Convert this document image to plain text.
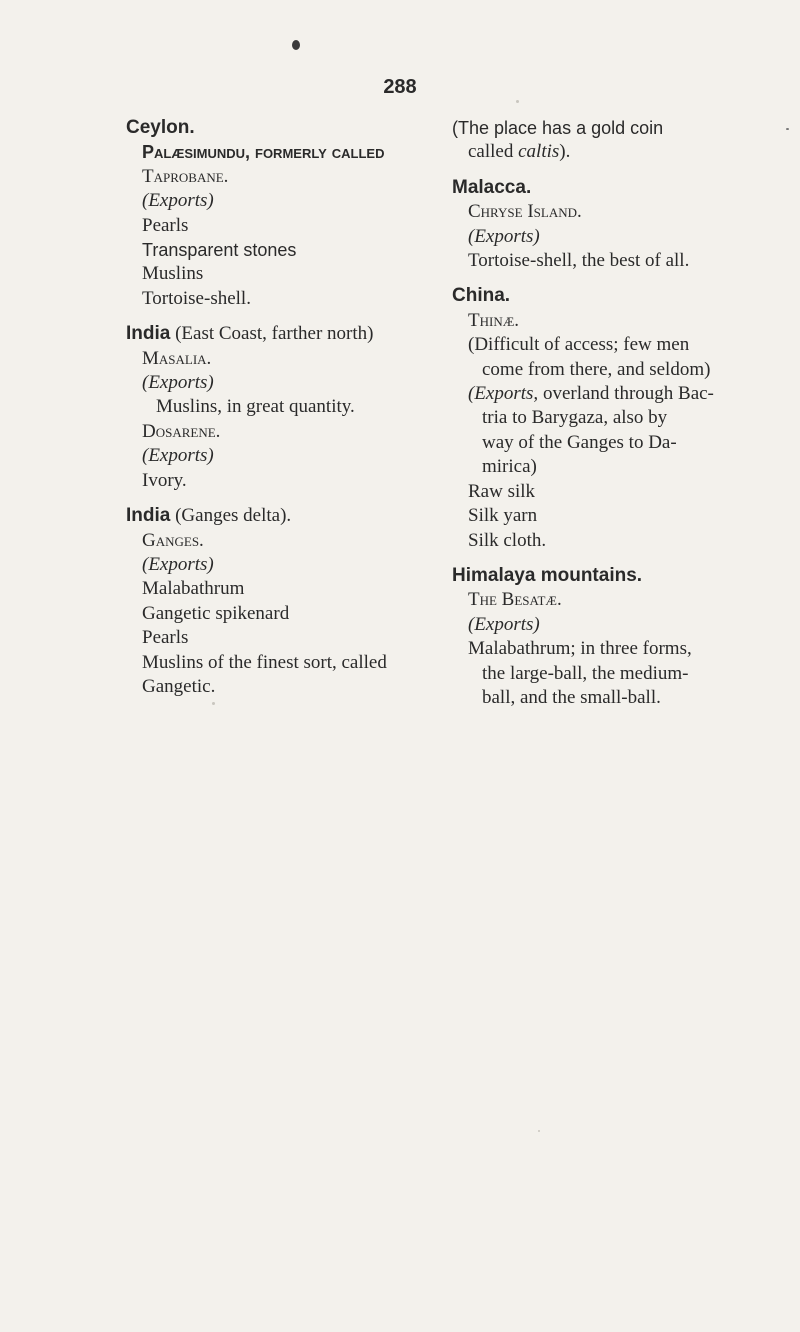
288
Ceylon.
Palæsimundu, formerly called
Taprobane.
(Exports)
Pearls
Transparent stones
Muslins
Tortoise-shell.
India (East Coast, farther north)
Masalia.
(Exports)
Muslins, in great quantity.
Dosarene.
(Exports)
Ivory.
India (Ganges delta).
Ganges.
(Exports)
Malabathrum
Gangetic spikenard
Pearls
Muslins of the finest sort, called
Gangetic.
(The place has a gold coin
called caltis).
Malacca.
Chryse Island.
(Exports)
Tortoise-shell, the best of all.
China.
Thinæ.
(Difficult of access; few men
come from there, and seldom)
(Exports, overland through Bac-
tria to Barygaza, also by
way of the Ganges to Da-
mirica)
Raw silk
Silk yarn
Silk cloth.
Himalaya mountains.
The Besatæ.
(Exports)
Malabathrum; in three forms,
the large-ball, the medium-
ball, and the small-ball.
